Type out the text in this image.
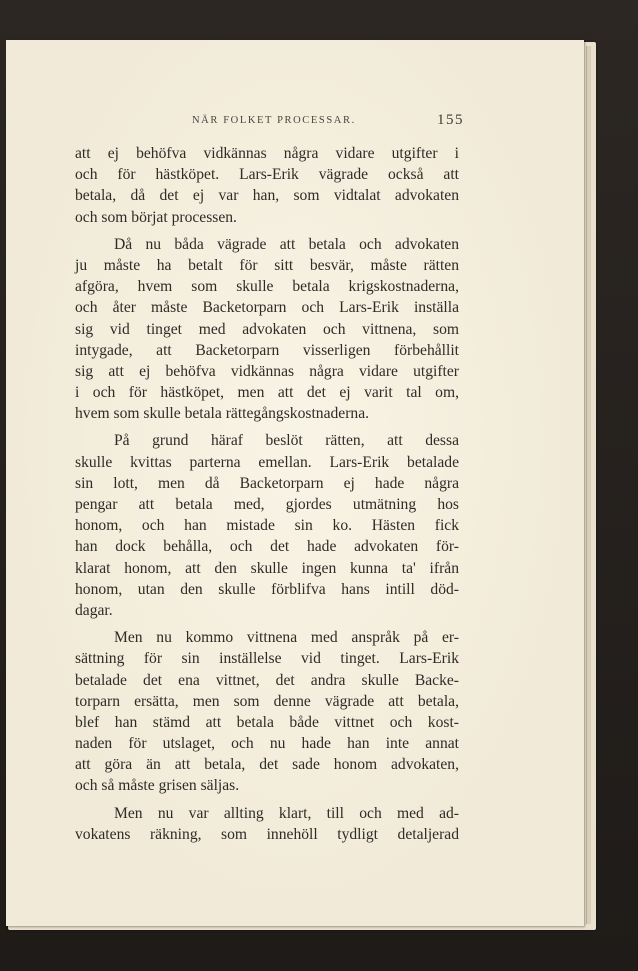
NÄR FOLKET PROCESSAR.	155
att ej behöfva vidkännas några vidare utgifter i
och för hästköpet. Lars-Erik vägrade också att
betala, då det ej var han, som vidtalat advokaten
och som börjat processen.
Då nu båda vägrade att betala och advokaten
ju måste ha betalt för sitt besvär, måste rätten
afgöra, hvem som skulle betala krigskostnaderna,
och åter måste Backetorparn och Lars-Erik inställa
sig vid tinget med advokaten och vittnena, som
intygade, att Backetorparn visserligen förbehållit
sig att ej behöfva vidkännas några vidare utgifter
i och för hästköpet, men att det ej varit tal om,
hvem som skulle betala rättegångskostnaderna.
På grund häraf beslöt rätten, att dessa
skulle kvittas parterna emellan. Lars-Erik betalade
sin lott, men då Backetorparn ej hade några
pengar att betala med, gjordes utmätning hos
honom, och han mistade sin ko. Hästen fick
han dock behålla, och det hade advokaten för-
klarat honom, att den skulle ingen kunna ta' ifrån
honom, utan den skulle förblifva hans intill död-
dagar.
Men nu kommo vittnena med anspråk på er-
sättning för sin inställelse vid tinget. Lars-Erik
betalade det ena vittnet, det andra skulle Backe-
torparn ersätta, men som denne vägrade att betala,
blef han stämd att betala både vittnet och kost-
naden för utslaget, och nu hade han inte annat
att göra än att betala, det sade honom advokaten,
och så måste grisen säljas.
Men nu var allting klart, till och med ad-
vokatens räkning, som innehöll tydligt detaljerad
